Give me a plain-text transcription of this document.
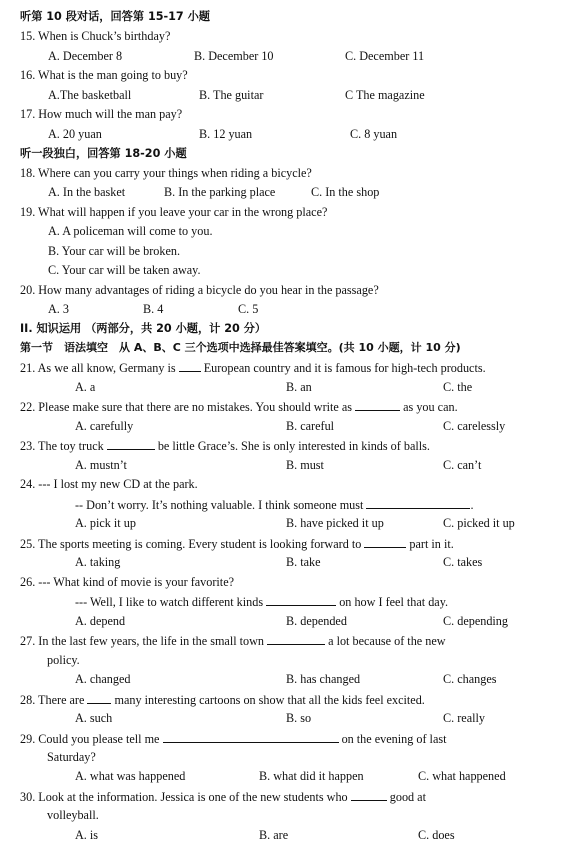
听第 10 段对话，回答第 15-17 小题
15. When is Chuck’s birthday?
A. December 8	B. December 10	C. December 11
16. What is the man going to buy?
A.The basketball	B. The guitar	C The magazine
17. How much will the man pay?
A. 20 yuan	B. 12 yuan	C. 8 yuan
听一段独白，回答第 18-20 小题
18. Where can you carry your things when riding a bicycle?
A. In the basket	B. In the parking place	C. In the shop
19. What will happen if you leave your car in the wrong place?
A. A policeman will come to you.
B. Your car will be broken.
C. Your car will be taken away.
20. How many advantages of riding a bicycle do you hear in the passage?
A. 3	B. 4	C. 5
II. 知识运用 （两部分，共 20 小题，计 20 分）
第一节　语法填空　从 A、B、C 三个选项中选择最佳答案填空。(共 10 小题，计 10 分)
21. As we all know, Germany is European country and it is famous for high-tech products.
A. a	B. an	C. the
22. Please make sure that there are no mistakes. You should write as	as you can.
A. carefully	B. careful	C. carelessly
23. The toy truck	be little Grace’s. She is only interested in kinds of balls.
A. mustn’t	B. must	C. can’t
24. --- I lost my new CD at the park.
-- Don’t worry. It’s nothing valuable. I think someone must	.
A. pick it up	B. have picked it up	C. picked it up
25. The sports meeting is coming. Every student is looking forward to	part in it.
A. taking	B. take	C. takes
26. --- What kind of movie is your favorite?
--- Well, I like to watch different kinds	on how I feel that day.
A. depend	B. depended	C. depending
27. In the last few years, the life in the small town	a lot because of the new
policy.
A. changed	B. has changed	C. changes
28. There are many interesting cartoons on show that all the kids feel excited.
A. such	B. so	C. really
29. Could you please tell me	on the evening of last
Saturday?
A. what was happened	B. what did it happen	C. what happened
30. Look at the information. Jessica is one of the new students who	good at
volleyball.
A. is	B. are	C. does
